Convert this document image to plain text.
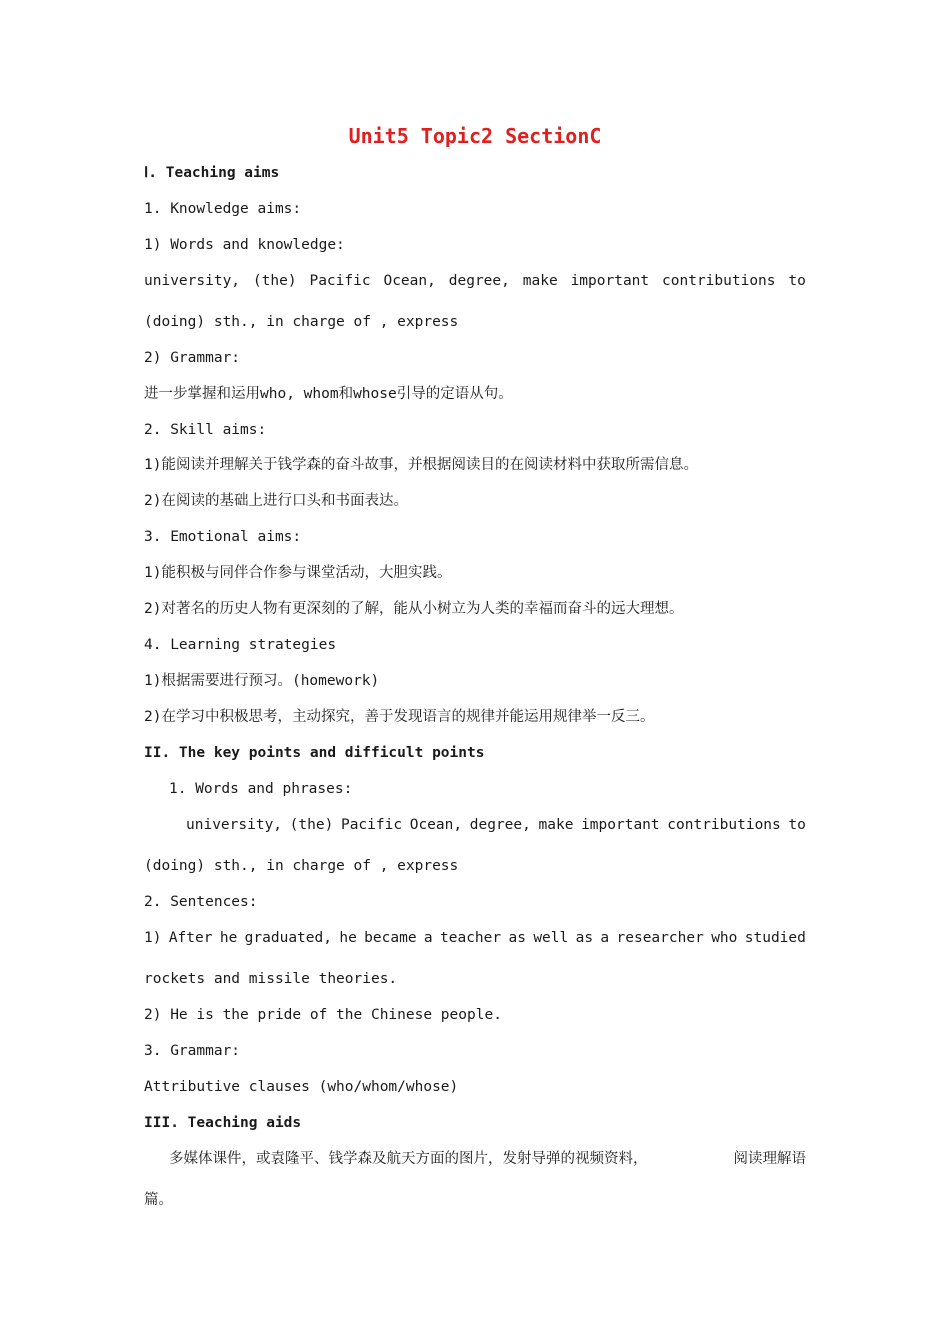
Unit5 Topic2 SectionC
Ⅰ. Teaching aims
1. Knowledge aims:
1) Words and knowledge:
university, (the) Pacific Ocean, degree, make important contributions to
(doing) sth., in charge of , express
2) Grammar:
进一步掌握和运用who, whom和whose引导的定语从句。
2. Skill aims:
1)能阅读并理解关于钱学森的奋斗故事，并根据阅读目的在阅读材料中获取所需信息。
2)在阅读的基础上进行口头和书面表达。
3. Emotional aims:
1)能积极与同伴合作参与课堂活动，大胆实践。
2)对著名的历史人物有更深刻的了解，能从小树立为人类的幸福而奋斗的远大理想。
4. Learning strategies
1)根据需要进行预习。(homework)
2)在学习中积极思考，主动探究，善于发现语言的规律并能运用规律举一反三。
II. The key points and difficult points
1. Words and phrases:
university, (the) Pacific Ocean, degree, make important contributions to
(doing) sth., in charge of , express
2. Sentences:
1) After he graduated, he became a teacher as well as a researcher who studied
rockets and missile theories.
2) He is the pride of the Chinese people.
3. Grammar:
Attributive clauses (who/whom/whose)
III. Teaching aids
多媒体课件，或袁隆平、钱学森及航天方面的图片，发射导弹的视频资料，	阅读理解语
篇。
